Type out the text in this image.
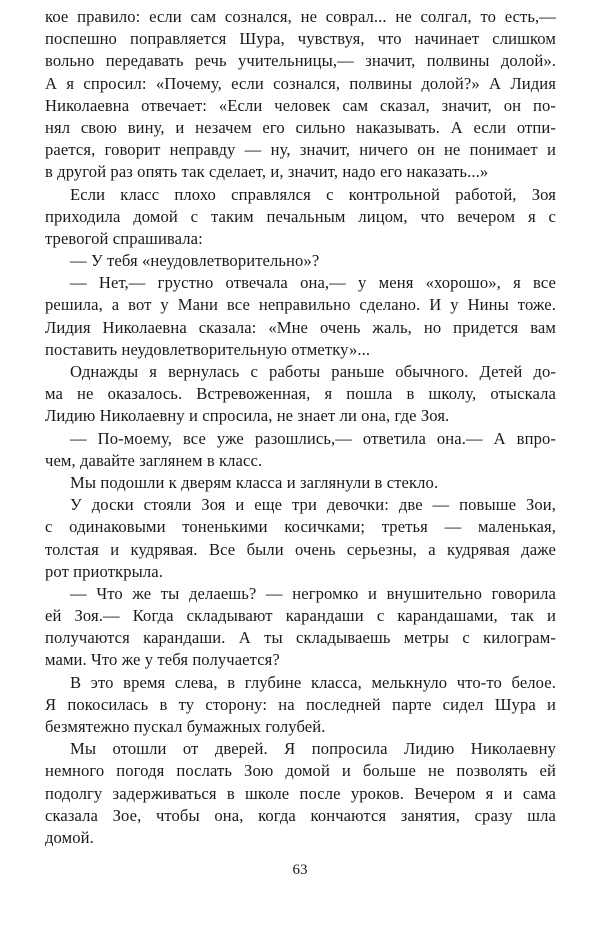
кое правило: если сам сознался, не соврал... не солгал, то есть,—
поспешно поправляется Шура, чувствуя, что начинает слишком
вольно передавать речь учительницы,— значит, полвины долой».
А я спросил: «Почему, если сознался, полвины долой?» А Лидия
Николаевна отвечает: «Если человек сам сказал, значит, он по-
нял свою вину, и незачем его сильно наказывать. А если отпи-
рается, говорит неправду — ну, значит, ничего он не понимает и
в другой раз опять так сделает, и, значит, надо его наказать...»
Если класс плохо справлялся с контрольной работой, Зоя
приходила домой с таким печальным лицом, что вечером я с
тревогой спрашивала:
— У тебя «неудовлетворительно»?
— Нет,— грустно отвечала она,— у меня «хорошо», я все
решила, а вот у Мани все неправильно сделано. И у Нины тоже.
Лидия Николаевна сказала: «Мне очень жаль, но придется вам
поставить неудовлетворительную отметку»...
Однажды я вернулась с работы раньше обычного. Детей до-
ма не оказалось. Встревоженная, я пошла в школу, отыскала
Лидию Николаевну и спросила, не знает ли она, где Зоя.
— По-моему, все уже разошлись,— ответила она.— А впро-
чем, давайте заглянем в класс.
Мы подошли к дверям класса и заглянули в стекло.
У доски стояли Зоя и еще три девочки: две — повыше Зои,
с одинаковыми тоненькими косичками; третья — маленькая,
толстая и кудрявая. Все были очень серьезны, а кудрявая даже
рот приоткрыла.
— Что же ты делаешь? — негромко и внушительно говорила
ей Зоя.— Когда складывают карандаши с карандашами, так и
получаются карандаши. А ты складываешь метры с килограм-
мами. Что же у тебя получается?
В это время слева, в глубине класса, мелькнуло что-то белое.
Я покосилась в ту сторону: на последней парте сидел Шура и
безмятежно пускал бумажных голубей.
Мы отошли от дверей. Я попросила Лидию Николаевну
немного погодя послать Зою домой и больше не позволять ей
подолгу задерживаться в школе после уроков. Вечером я и сама
сказала Зое, чтобы она, когда кончаются занятия, сразу шла
домой.
63
